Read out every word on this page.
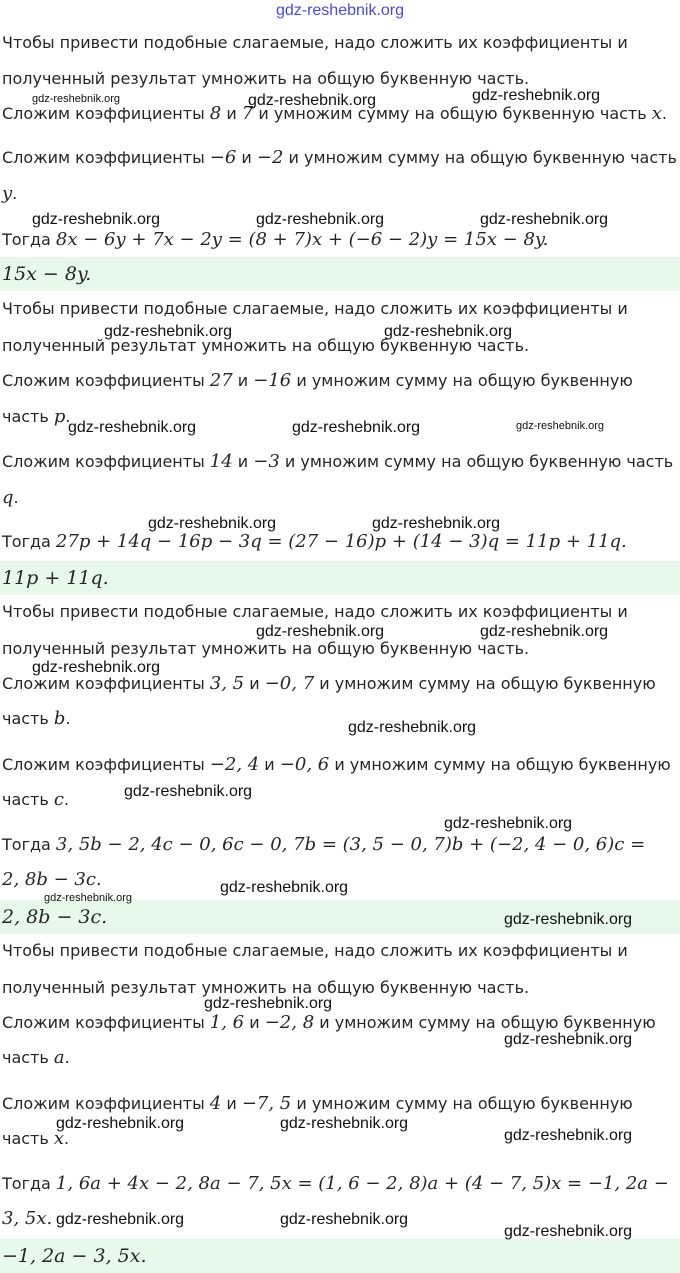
gdz-reshebnik.org
Чтобы привести подобные слагаемые, надо сложить их коэффициенты и
полученный результат умножить на общую буквенную часть.
Сложим коэффициенты 8 и 7 и умножим сумму на общую буквенную часть x.
Сложим коэффициенты −6 и −2 и умножим сумму на общую буквенную часть
y.
Тогда 8x − 6y + 7x − 2y = (8 + 7)x + (−6 − 2)y = 15x − 8y.
15x − 8y.
Чтобы привести подобные слагаемые, надо сложить их коэффициенты и
полученный результат умножить на общую буквенную часть.
Сложим коэффициенты 27 и −16 и умножим сумму на общую буквенную
часть p.
Сложим коэффициенты 14 и −3 и умножим сумму на общую буквенную часть
q.
Тогда 27p + 14q − 16p − 3q = (27 − 16)p + (14 − 3)q = 11p + 11q.
11p + 11q.
Чтобы привести подобные слагаемые, надо сложить их коэффициенты и
полученный результат умножить на общую буквенную часть.
Сложим коэффициенты 3, 5 и −0, 7 и умножим сумму на общую буквенную
часть b.
Сложим коэффициенты −2, 4 и −0, 6 и умножим сумму на общую буквенную
часть c.
Тогда 3, 5b − 2, 4c − 0, 6c − 0, 7b = (3, 5 − 0, 7)b + (−2, 4 − 0, 6)c =
2, 8b − 3c.
2, 8b − 3c.
Чтобы привести подобные слагаемые, надо сложить их коэффициенты и
полученный результат умножить на общую буквенную часть.
Сложим коэффициенты 1, 6 и −2, 8 и умножим сумму на общую буквенную
часть a.
Сложим коэффициенты 4 и −7, 5 и умножим сумму на общую буквенную
часть x.
Тогда 1, 6a + 4x − 2, 8a − 7, 5x = (1, 6 − 2, 8)a + (4 − 7, 5)x = −1, 2a −
3, 5x.
−1, 2a − 3, 5x.
gdz-reshebnik.org	gdz-reshebnik.org	gdz-reshebnik.org
gdz-reshebnik.org	gdz-reshebnik.org	gdz-reshebnik.org
gdz-reshebnik.org	gdz-reshebnik.org
gdz-reshebnik.org	gdz-reshebnik.org	gdz-reshebnik.org
gdz-reshebnik.org	gdz-reshebnik.org
gdz-reshebnik.org	gdz-reshebnik.org
gdz-reshebnik.org
gdz-reshebnik.org
gdz-reshebnik.org
gdz-reshebnik.org
gdz-reshebnik.org
gdz-reshebnik.org
gdz-reshebnik.org
gdz-reshebnik.org
gdz-reshebnik.org
gdz-reshebnik.org	gdz-reshebnik.org
gdz-reshebnik.org
gdz-reshebnik.org	gdz-reshebnik.org
gdz-reshebnik.org
